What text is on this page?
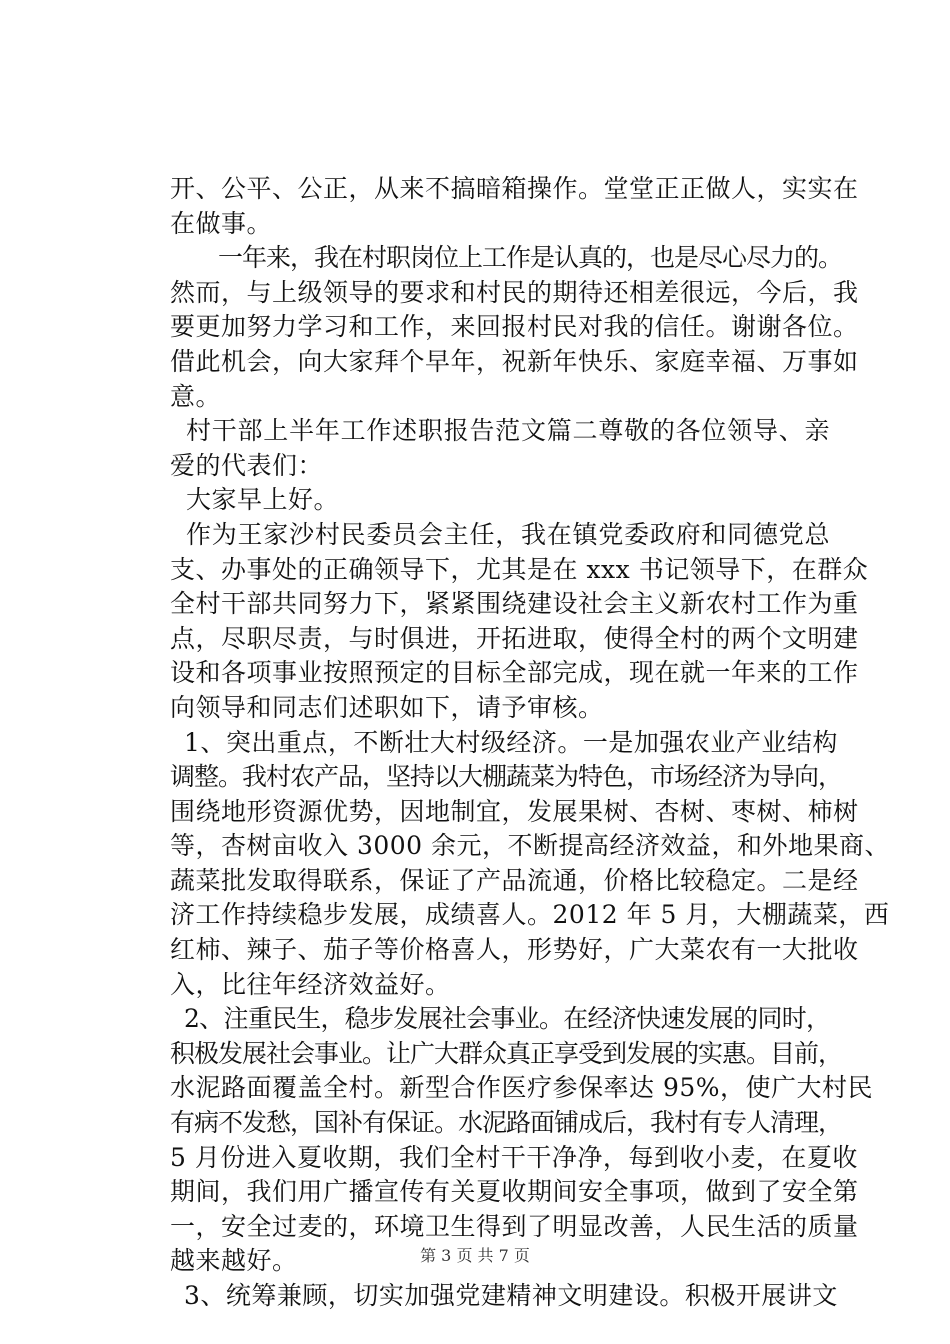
开、公平、公正，从来不搞暗箱操作。堂堂正正做人，实实在
在做事。
　　一年来，我在村职岗位上工作是认真的，也是尽心尽力的。
然而，与上级领导的要求和村民的期待还相差很远，今后，我
要更加努力学习和工作，来回报村民对我的信任。谢谢各位。
借此机会，向大家拜个早年，祝新年快乐、家庭幸福、万事如
意。
村干部上半年工作述职报告范文篇二尊敬的各位领导、亲
爱的代表们：
大家早上好。
作为王家沙村民委员会主任，我在镇党委政府和同德党总
支、办事处的正确领导下，尤其是在 xxx 书记领导下，在群众
全村干部共同努力下，紧紧围绕建设社会主义新农村工作为重
点，尽职尽责，与时俱进，开拓进取，使得全村的两个文明建
设和各项事业按照预定的目标全部完成，现在就一年来的工作
向领导和同志们述职如下，请予审核。
1、突出重点，不断壮大村级经济。一是加强农业产业结构
调整。我村农产品，坚持以大棚蔬菜为特色，市场经济为导向，
围绕地形资源优势，因地制宜，发展果树、杏树、枣树、柿树
等，杏树亩收入 3000 余元，不断提高经济效益，和外地果商、
蔬菜批发取得联系，保证了产品流通，价格比较稳定。二是经
济工作持续稳步发展，成绩喜人。2012 年 5 月，大棚蔬菜，西
红柿、辣子、茄子等价格喜人，形势好，广大菜农有一大批收
入，比往年经济效益好。
2、注重民生，稳步发展社会事业。在经济快速发展的同时，
积极发展社会事业。让广大群众真正享受到发展的实惠。目前，
水泥路面覆盖全村。新型合作医疗参保率达 95%，使广大村民
有病不发愁，国补有保证。水泥路面铺成后，我村有专人清理，
5 月份进入夏收期，我们全村干干净净，每到收小麦，在夏收
期间，我们用广播宣传有关夏收期间安全事项，做到了安全第
一，安全过麦的，环境卫生得到了明显改善，人民生活的质量
越来越好。
3、统筹兼顾，切实加强党建精神文明建设。积极开展讲文
第 3 页 共 7 页
